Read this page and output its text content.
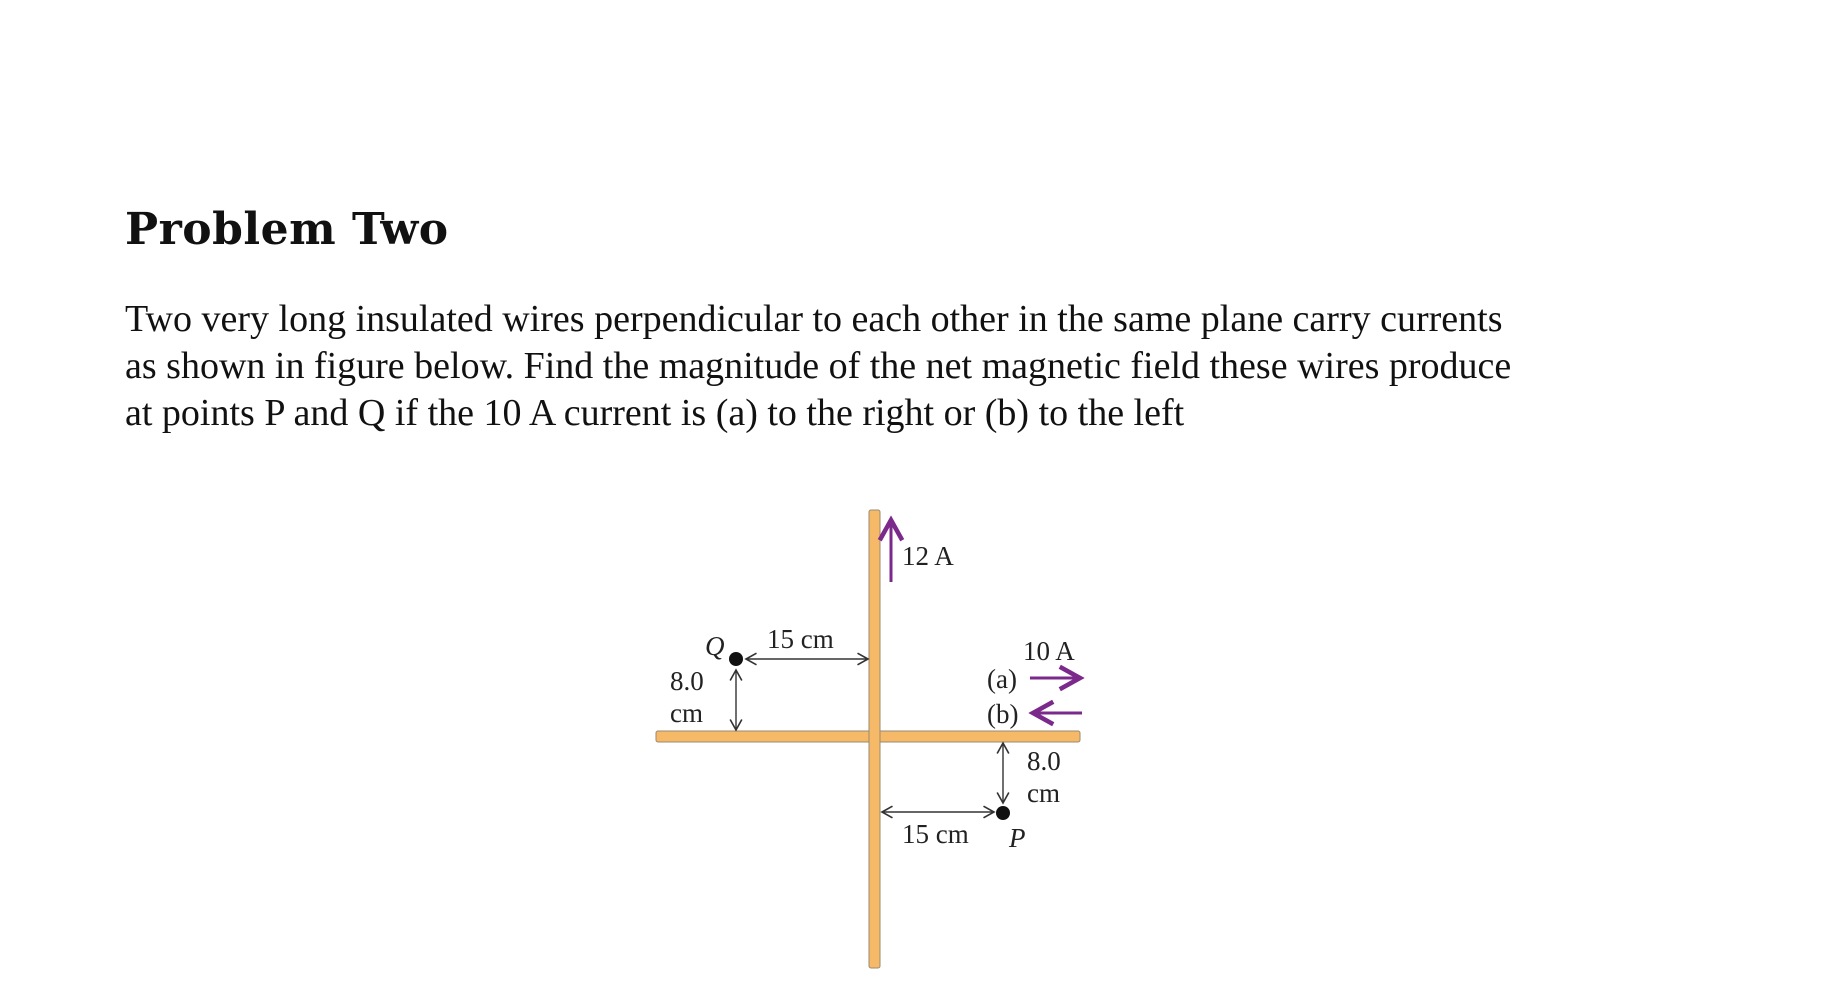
Problem Two

Two very long insulated wires perpendicular to each other in the same plane carry currents

as shown in figure below. Find the magnitude of the net magnetic field these wires produce

at points P and Q if the 10 A current is (a) to the right or (b) to the left

12 A
10 A
(a)
(b)
Q 15 cm
8.0
cm
P
8.0
cm
15 cm
